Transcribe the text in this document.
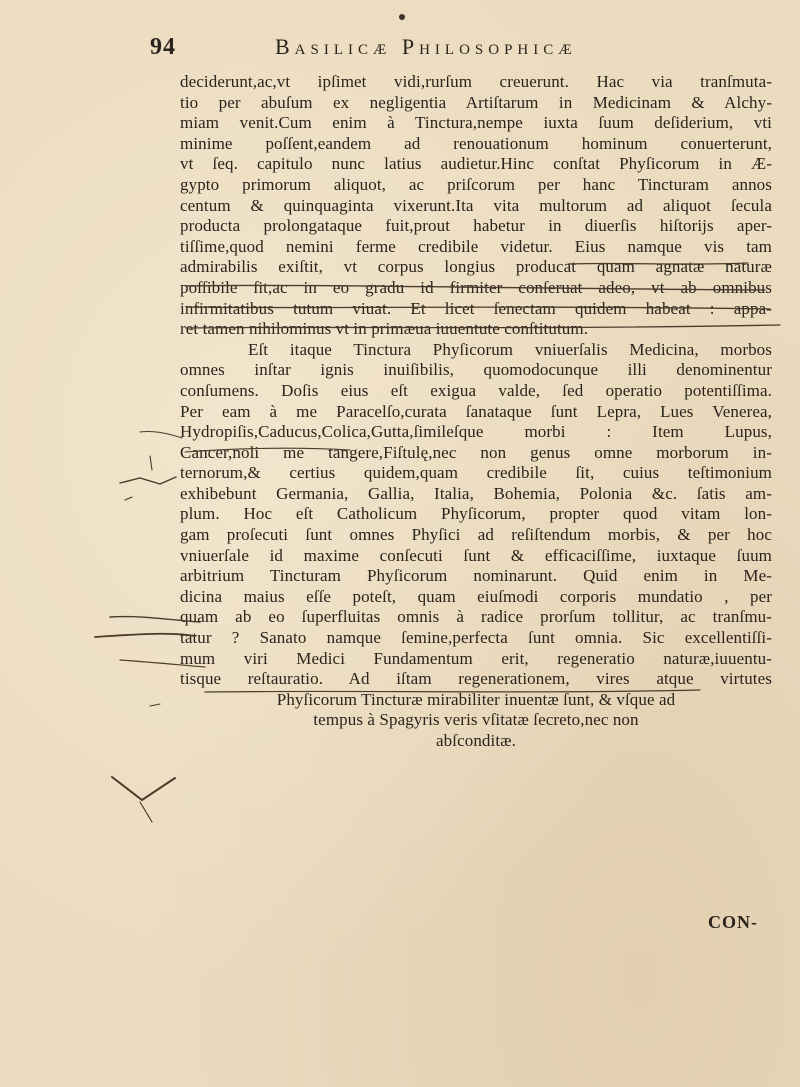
94	Basilicæ Philosophicæ
deciderunt,ac,vt ipſimet vidi,rurſum creuerunt. Hac via tranſmuta-
tio per abuſum ex negligentia Artiſtarum in Medicinam & Alchy-
miam venit.Cum enim à Tinctura,nempe iuxta ſuum deſiderium, vti
minime poſſent,eandem ad renouationum hominum conuerterunt,
vt ſeq. capitulo nunc latius audietur.Hinc conſtat Phyſicorum in Æ-
gypto primorum aliquot, ac priſcorum per hanc Tincturam annos
centum & quinquaginta vixerunt.Ita vita multorum ad aliquot ſecula
producta prolongataque fuit,prout habetur in diuerſis hiſtorijs aper-
tiſſime,quod nemini ferme credibile videtur. Eius namque vis tam
admirabilis exiſtit, vt corpus longius producat quam agnatæ naturæ
poſſibile ſit,ac in eo gradu id firmiter conſeruat adeo, vt ab omnibus
infirmitatibus tutum viuat. Et licet ſenectam quidem habeat : appa-
ret tamen nihilominus vt in primæua iuuentute conſtitutum.
Eſt itaque Tinctura Phyſicorum vniuerſalis Medicina, morbos
omnes inſtar ignis inuiſibilis, quomodocunque illi denominentur
conſumens. Doſis eius eſt exigua valde, ſed operatio potentiſſima.
Per eam à me Paracelſo,curata ſanataque ſunt Lepra, Lues Venerea,
Hydropiſis,Caducus,Colica,Gutta,ſimileſque morbi : Item Lupus,
Cancer,noli me tangere,Fiſtulę,nec non genus omne morborum in-
ternorum,& certius quidem,quam credibile ſit, cuius teſtimonium
exhibebunt Germania, Gallia, Italia, Bohemia, Polonia &c. ſatis am-
plum. Hoc eſt Catholicum Phyſicorum, propter quod vitam lon-
gam proſecuti ſunt omnes Phyſici ad reſiſtendum morbis, & per hoc
vniuerſale id maxime conſecuti ſunt & efficaciſſime, iuxtaque ſuum
arbitrium Tincturam Phyſicorum nominarunt. Quid enim in Me-
dicina maius eſſe poteſt, quam eiuſmodi corporis mundatio , per
quam ab eo ſuperfluitas omnis à radice prorſum tollitur, ac tranſmu-
tatur ? Sanato namque ſemine,perfecta ſunt omnia. Sic excellentiſſi-
mum viri Medici Fundamentum erit, regeneratio naturæ,iuuentu-
tisque reſtauratio. Ad iſtam regenerationem, vires atque virtutes
Phyſicorum Tincturæ mirabiliter inuentæ ſunt, & vſque ad
tempus à Spagyris veris vſitatæ ſecreto,nec non
abſconditæ.
CON-
